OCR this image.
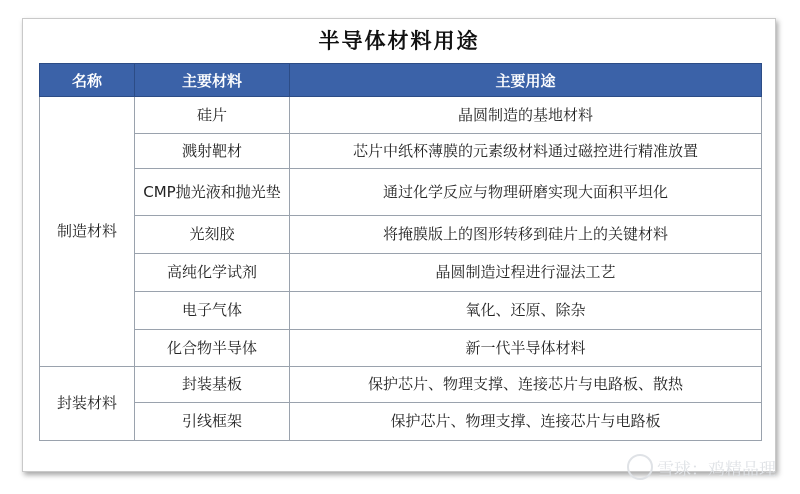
半导体材料用途
名称	主要材料	主要用途
制造材料	硅片	晶圆制造的基地材料
	溅射靶材	芯片中纸杯薄膜的元素级材料通过磁控进行精准放置
	CMP抛光液和抛光垫	通过化学反应与物理研磨实现大面积平坦化
	光刻胶	将掩膜版上的图形转移到硅片上的关键材料
	高纯化学试剂	晶圆制造过程进行湿法工艺
	电子气体	氧化、还原、除杂
	化合物半导体	新一代半导体材料
封装材料	封装基板	保护芯片、物理支撑、连接芯片与电路板、散热
	引线框架	保护芯片、物理支撑、连接芯片与电路板
雪球：鸡精品理
